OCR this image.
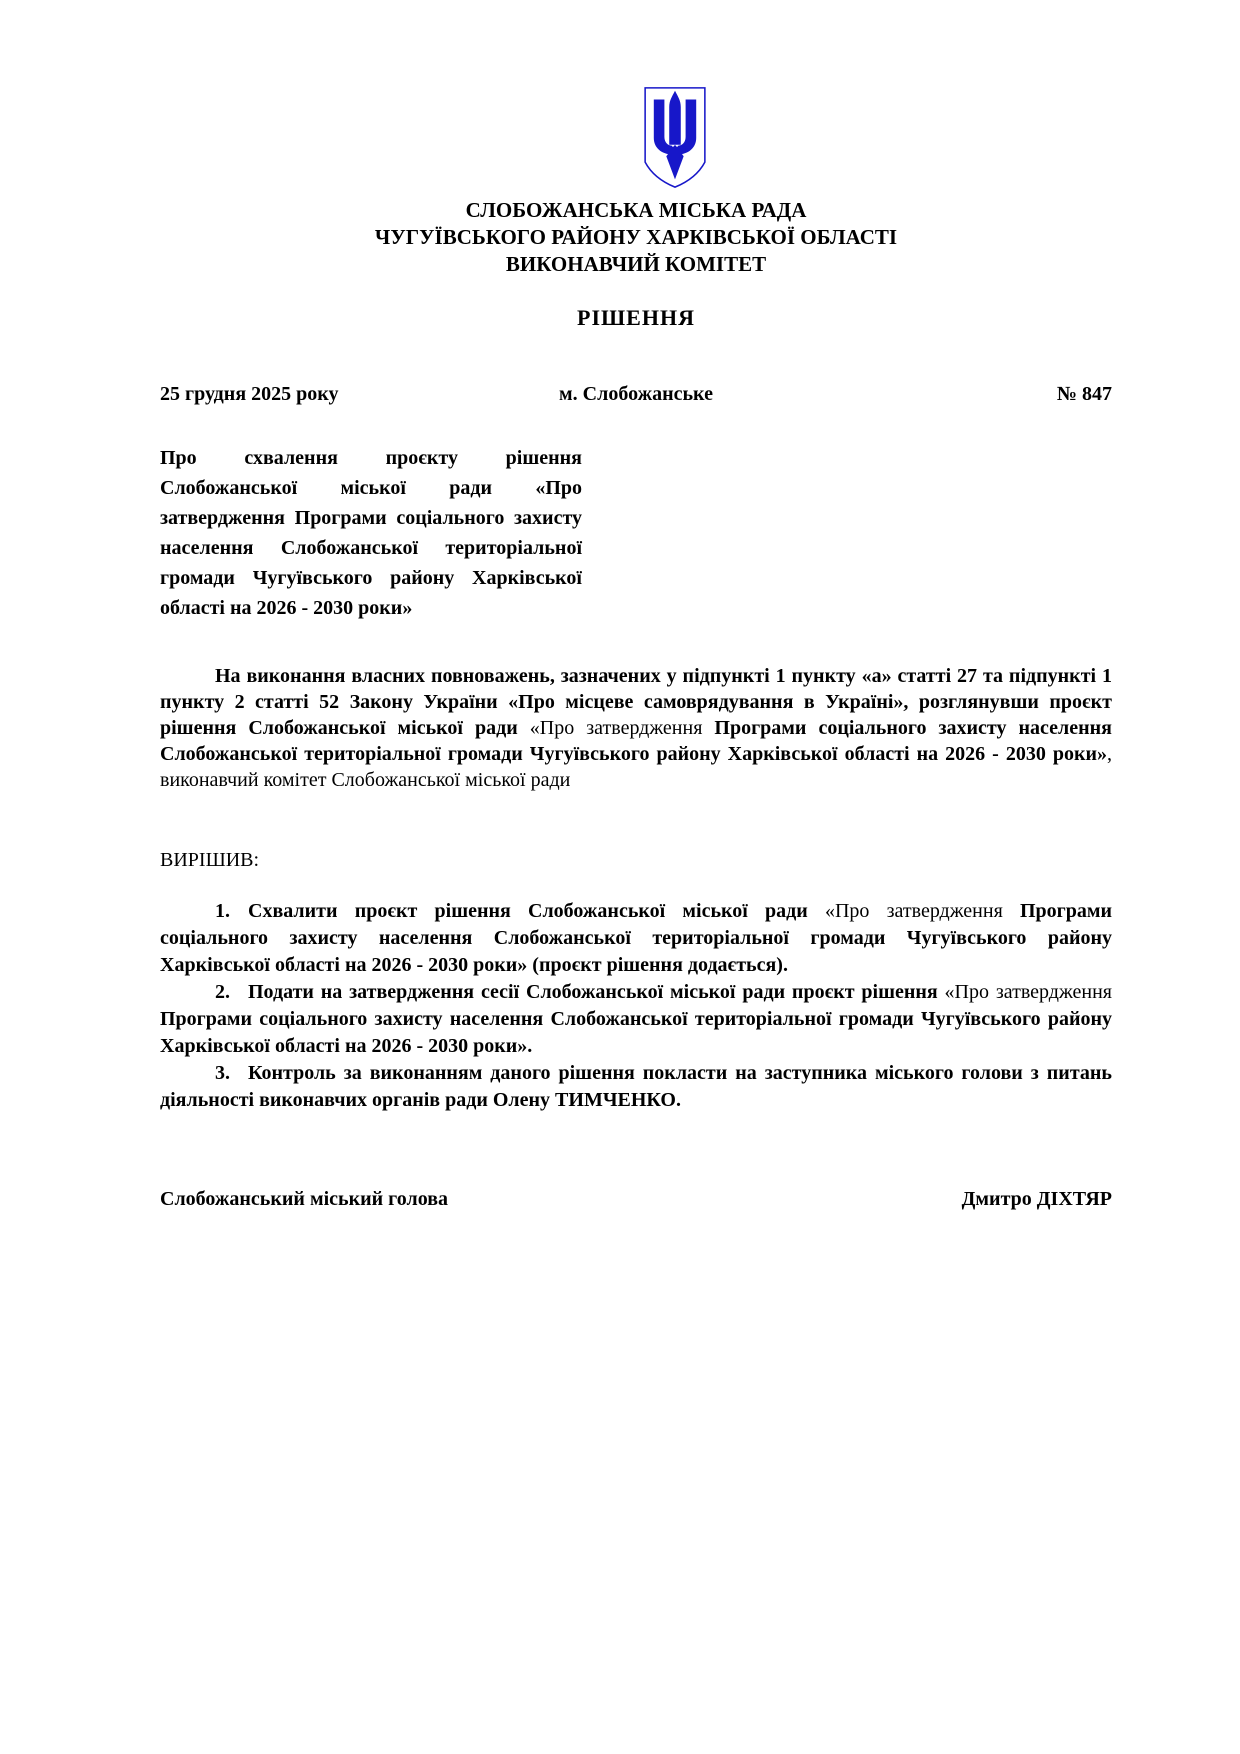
СЛОБОЖАНСЬКА МІСЬКА РАДА
ЧУГУЇВСЬКОГО РАЙОНУ ХАРКІВСЬКОЇ ОБЛАСТІ
ВИКОНАВЧИЙ КОМІТЕТ
РІШЕННЯ
25 грудня 2025 року	м. Слобожанське	№ 847
Про схвалення проєкту рішення Слобожанської міської ради «Про затвердження Програми соціального захисту населення Слобожанської територіальної громади Чугуївського району Харківської області на 2026 - 2030 роки»

На виконання власних повноважень, зазначених у підпункті 1 пункту «а» статті 27 та підпункті 1 пункту 2 статті 52 Закону України «Про місцеве самоврядування в Україні», розглянувши проєкт рішення Слобожанської міської ради «Про затвердження Програми соціального захисту населення Слобожанської територіальної громади Чугуївського району Харківської області на 2026 - 2030 роки», виконавчий комітет Слобожанської міської ради

ВИРІШИВ:

1. Схвалити проєкт рішення Слобожанської міської ради «Про затвердження Програми соціального захисту населення Слобожанської територіальної громади Чугуївського району Харківської області на 2026 - 2030 роки» (проєкт рішення додається).

2. Подати на затвердження сесії Слобожанської міської ради проєкт рішення «Про затвердження Програми соціального захисту населення Слобожанської територіальної громади Чугуївського району Харківської області на 2026 - 2030 роки».

3. Контроль за виконанням даного рішення покласти на заступника міського голови з питань діяльності виконавчих органів ради Олену ТИМЧЕНКО.

Слобожанський міський голова	Дмитро ДІХТЯР
